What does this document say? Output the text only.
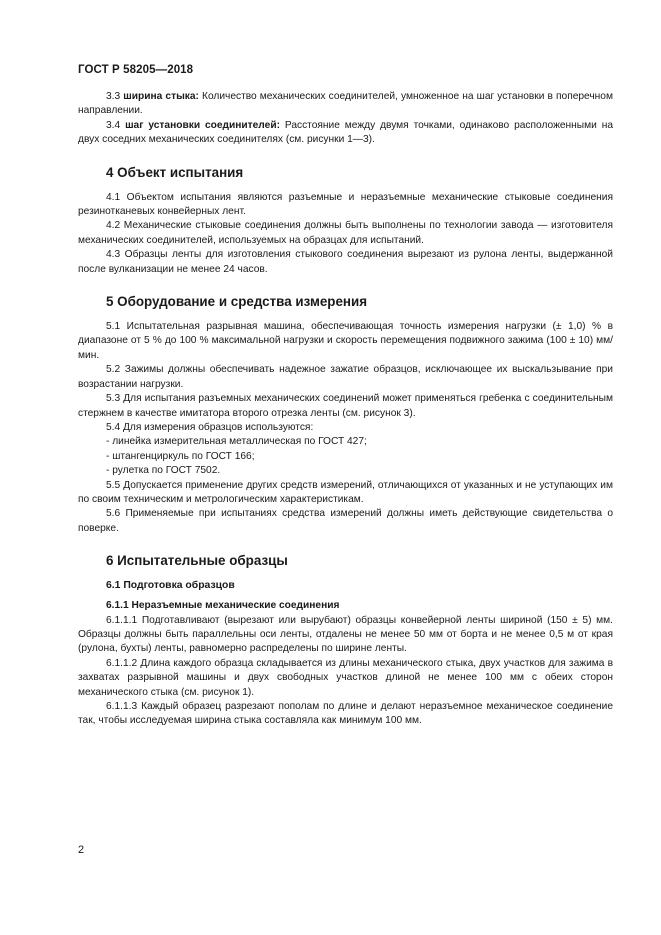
ГОСТ Р 58205—2018

3.3 ширина стыка: Количество механических соединителей, умноженное на шаг установки в поперечном направлении.

3.4 шаг установки соединителей: Расстояние между двумя точками, одинаково расположенными на двух соседних механических соединителях (см. рисунки 1—3).

4 Объект испытания

4.1 Объектом испытания являются разъемные и неразъемные механические стыковые соединения резинотканевых конвейерных лент.

4.2 Механические стыковые соединения должны быть выполнены по технологии завода — изготовителя механических соединителей, используемых на образцах для испытаний.

4.3 Образцы ленты для изготовления стыкового соединения вырезают из рулона ленты, выдержанной после вулканизации не менее 24 часов.

5 Оборудование и средства измерения

5.1 Испытательная разрывная машина, обеспечивающая точность измерения нагрузки (± 1,0) % в диапазоне от 5 % до 100 % максимальной нагрузки и скорость перемещения подвижного зажима (100 ± 10) мм/мин.

5.2 Зажимы должны обеспечивать надежное зажатие образцов, исключающее их выскальзывание при возрастании нагрузки.

5.3 Для испытания разъемных механических соединений может применяться гребенка с соединительным стержнем в качестве имитатора второго отрезка ленты (см. рисунок 3).

5.4 Для измерения образцов используются:

- линейка измерительная металлическая по ГОСТ 427;
- штангенциркуль по ГОСТ 166;
- рулетка по ГОСТ 7502.

5.5 Допускается применение других средств измерений, отличающихся от указанных и не уступающих им по своим техническим и метрологическим характеристикам.

5.6 Применяемые при испытаниях средства измерений должны иметь действующие свидетельства о поверке.

6 Испытательные образцы
6.1 Подготовка образцов
6.1.1 Неразъемные механические соединения

6.1.1.1 Подготавливают (вырезают или вырубают) образцы конвейерной ленты шириной (150 ± 5) мм. Образцы должны быть параллельны оси ленты, отдалены не менее 50 мм от борта и не менее 0,5 м от края (рулона, бухты) ленты, равномерно распределены по ширине ленты.

6.1.1.2 Длина каждого образца складывается из длины механического стыка, двух участков для зажима в захватах разрывной машины и двух свободных участков длиной не менее 100 мм с обеих сторон механического стыка (см. рисунок 1).

6.1.1.3 Каждый образец разрезают пополам по длине и делают неразъемное механическое соединение так, чтобы исследуемая ширина стыка составляла как минимум 100 мм.

2
